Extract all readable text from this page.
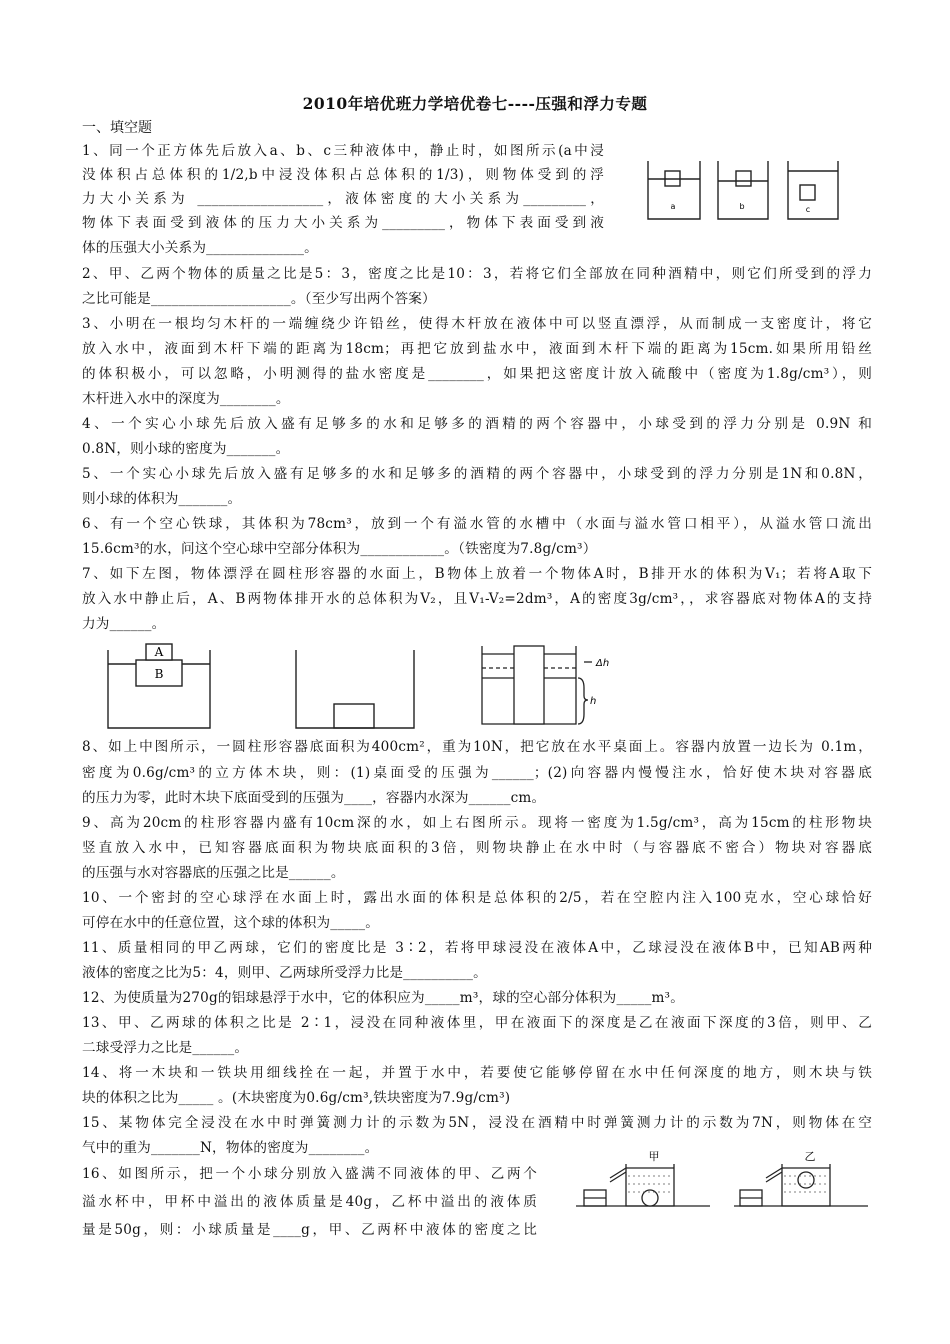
2010年培优班力学培优卷七----压强和浮力专题
一、填空题
1、同一个正方体先后放入a、b、c三种液体中，静止时，如图所示(a中浸
没体积占总体积的1/2,b中浸没体积占总体积的1/3)，则物体受到的浮
力大小关系为 __________________，液体密度的大小关系为_________，
物体下表面受到液体的压力大小关系为_________，物体下表面受到液
体的压强大小关系为______________。
2、甲、乙两个物体的质量之比是5：3，密度之比是10：3，若将它们全部放在同种酒精中，则它们所受到的浮力
之比可能是____________________。（至少写出两个答案）
3、小明在一根均匀木杆的一端缠绕少许铅丝，使得木杆放在液体中可以竖直漂浮，从而制成一支密度计，将它
放入水中，液面到木杆下端的距离为18cm；再把它放到盐水中，液面到木杆下端的距离为15cm.如果所用铅丝
的体积极小，可以忽略，小明测得的盐水密度是________，如果把这密度计放入硫酸中（密度为1.8g/cm³），则
木杆进入水中的深度为________。
4、一个实心小球先后放入盛有足够多的水和足够多的酒精的两个容器中，小球受到的浮力分别是 0.9N 和
0.8N，则小球的密度为_______。
5、一个实心小球先后放入盛有足够多的水和足够多的酒精的两个容器中，小球受到的浮力分别是1N和0.8N，
则小球的体积为_______。
6、有一个空心铁球，其体积为78cm³，放到一个有溢水管的水槽中（水面与溢水管口相平），从溢水管口流出
15.6cm³的水，问这个空心球中空部分体积为____________。（铁密度为7.8g/cm³）
7、如下左图，物体漂浮在圆柱形容器的水面上，B物体上放着一个物体A时，B排开水的体积为V₁；若将A取下
放入水中静止后，A、B两物体排开水的总体积为V₂，且V₁-V₂=2dm³，A的密度3g/cm³，，求容器底对物体A的支持
力为______。
8、如上中图所示，一圆柱形容器底面积为400cm²，重为10N，把它放在水平桌面上。容器内放置一边长为 0.1m，
密度为0.6g/cm³的立方体木块，则：(1)桌面受的压强为______；(2)向容器内慢慢注水，恰好使木块对容器底
的压力为零，此时木块下底面受到的压强为____，容器内水深为______cm。
9、高为20cm的柱形容器内盛有10cm深的水，如上右图所示。现将一密度为1.5g/cm³，高为15cm的柱形物块
竖直放入水中，已知容器底面积为物块底面积的3倍，则物块静止在水中时（与容器底不密合）物块对容器底
的压强与水对容器底的压强之比是______。
10、一个密封的空心球浮在水面上时，露出水面的体积是总体积的2/5，若在空腔内注入100克水，空心球恰好
可停在水中的任意位置，这个球的体积为_____。
11、质量相同的甲乙两球，它们的密度比是 3∶2，若将甲球浸没在液体A中，乙球浸没在液体B中，已知AB两种
液体的密度之比为5：4，则甲、乙两球所受浮力比是__________。
12、为使质量为270g的铝球悬浮于水中，它的体积应为_____m³，球的空心部分体积为_____m³。
13、甲、乙两球的体积之比是 2∶1，浸没在同种液体里，甲在液面下的深度是乙在液面下深度的3倍，则甲、乙
二球受浮力之比是______。
14、将一木块和一铁块用细线拴在一起，并置于水中，若要使它能够停留在水中任何深度的地方，则木块与铁
块的体积之比为_____ 。(木块密度为0.6g/cm³,铁块密度为7.9g/cm³)
15、某物体完全浸没在水中时弹簧测力计的示数为5N，浸没在酒精中时弹簧测力计的示数为7N，则物体在空
气中的重为_______N，物体的密度为________。
16、如图所示，把一个小球分别放入盛满不同液体的甲、乙两个
溢水杯中，甲杯中溢出的液体质量是40g，乙杯中溢出的液体质
量是50g，则：小球质量是____g，甲、乙两杯中液体的密度之比
a	b	c
A
B
Δh
h
甲	乙
